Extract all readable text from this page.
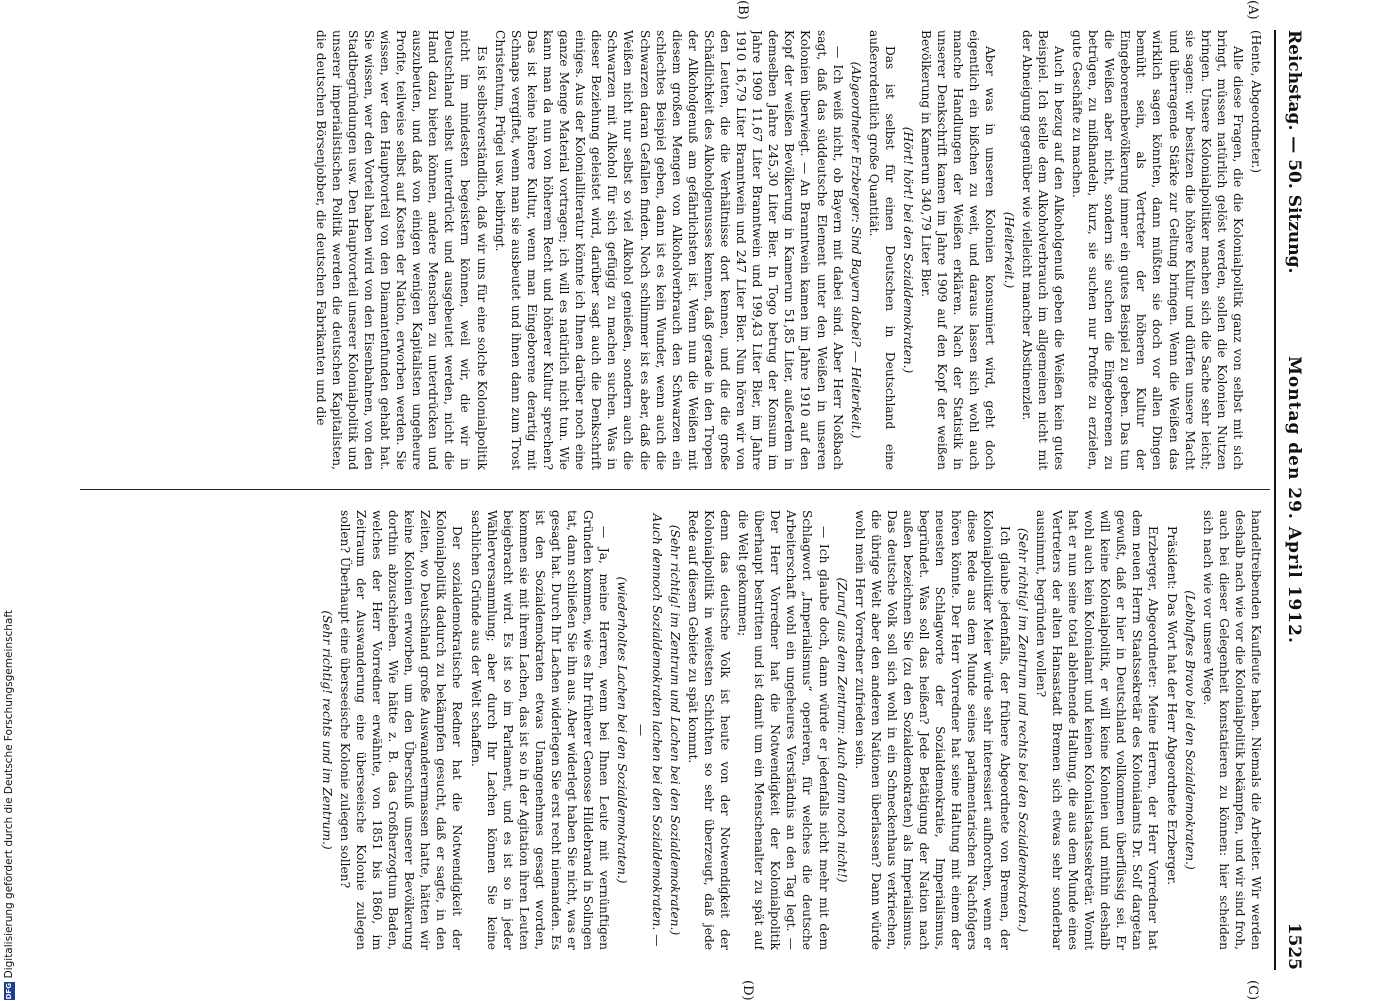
DFG
Digitalisierung gefördert durch die Deutsche Forschungsgemeinschaft
Reichstag. — 50. Sitzung.
Montag den 29. April 1912.
1525
(A)
(B)
(C)
(D)

(Hente, Abgeordneter.)

Alle diese Fragen, die die Kolonialpolitik ganz von selbst mit sich bringt, müssen natürlich gelöst werden, sollen die Kolonien Nutzen bringen. Unsere Kolonialpolitiker machen sich die Sache sehr leicht; sie sagen: wir besitzen die höhere Kultur und dürfen unsere Macht und überragende Stärke zur Geltung bringen. Wenn die Weißen das wirklich sagen könnten, dann müßten sie doch vor allen Dingen bemüht sein, als Vertreter der höheren Kultur der Eingeborenenbevölkerung immer ein gutes Beispiel zu geben. Das tun die Weißen aber nicht, sondern sie suchen die Eingeborenen zu betrügen, zu mißhandeln, kurz, sie suchen nur Profite zu erzielen, gute Geschäfte zu machen.

Auch in bezug auf den Alkoholgenuß geben die Weißen kein gutes Beispiel. Ich stelle dem Alkoholverbrauch im allgemeinen nicht mit der Abneigung gegenüber wie vielleicht mancher Abstinenzler.

(Heiterkeit.)

Aber was in unseren Kolonien konsumiert wird, geht doch eigentlich ein bißchen zu weit, und daraus lassen sich wohl auch manche Handlungen der Weißen erklären. Nach der Statistik in unserer Denkschrift kamen im Jahre 1909 auf den Kopf der weißen Bevölkerung in Kamerun 340,79 Liter Bier.

(Hört! hört! bei den Sozialdemokraten.)

Das ist selbst für einen Deutschen in Deutschland eine außerordentlich große Quantität.

(Abgeordneter Erzberger: Sind Bayern dabei? — Heiterkeit.)

— Ich weiß nicht, ob Bayern mit dabei sind. Aber Herr Noßbach sagt, daß das süddeutsche Element unter den Weißen in unseren Kolonien überwiegt. — An Branntwein kamen im Jahre 1910 auf den Kopf der weißen Bevölkerung in Kamerun 51,85 Liter, außerdem in demselben Jahre 245,30 Liter Bier. In Togo betrug der Konsum im Jahre 1909 11,67 Liter Branntwein und 199,43 Liter Bier, im Jahre 1910 16,79 Liter Branntwein und 247 Liter Bier. Nun hören wir von den Leuten, die die Verhältnisse dort kennen, und die die große Schädlichkeit des Alkoholgenusses kennen, daß gerade in den Tropen der Alkoholgenuß am gefährlichsten ist. Wenn nun die Weißen mit diesem großen Mengen von Alkoholverbrauch den Schwarzen ein schlechtes Beispiel geben, dann ist es kein Wunder, wenn auch die Schwarzen daran Gefallen finden. Noch schlimmer ist es aber, daß die Weißen nicht nur selbst so viel Alkohol genießen, sondern auch die Schwarzen mit Alkohol für sich gefügig zu machen suchen. Was in dieser Beziehung geleistet wird, darüber sagt auch die Denkschrift einiges. Aus der Kolonialliteratur könnte ich Ihnen darüber noch eine ganze Menge Material vortragen; ich will es natürlich nicht tun. Wie kann man da nun von höherem Recht und höherer Kultur sprechen? Das ist keine höhere Kultur, wenn man Eingeborene derartig mit Schnaps vergiftet, wenn man sie ausbeutet und ihnen dann zum Trost Christentum, Prügel usw. beibringt.

Es ist selbstverständlich, daß wir uns für eine solche Kolonialpolitik nicht im mindesten begeistern können, weil wir, die wir in Deutschland selbst unterdrückt und ausgebeutet werden, nicht die Hand dazu bieten können, andere Menschen zu unterdrücken und auszubeuten, und daß von einigen wenigen Kapitalisten ungeheure Profite, teilweise selbst auf Kosten der Nation, erworben werden. Sie wissen, wer den Hauptvorteil von den Diamantenfunden gehabt hat. Sie wissen, wer den Vorteil haben wird von den Eisenbahnen, von den Stadtbegründungen usw. Den Hauptvorteil unserer Kolonialpolitik und unserer imperialistischen Politik werden die deutschen Kapitalisten, die deutschen Börsenjobber, die deutschen Fabrikanten und die

handeltreibenden Kaufleute haben. Niemals die Arbeiter. Wir werden deshalb nach wie vor die Kolonialpolitik bekämpfen, und wir sind froh, auch bei dieser Gelegenheit konstatieren zu können: hier scheiden sich nach wie vor unsere Wege.

(Lebhaftes Bravo bei den Sozialdemokraten.)

Präsident: Das Wort hat der Herr Abgeordnete Erzberger.

Erzberger, Abgeordneter: Meine Herren, der Herr Vorredner hat dem neuen Herrn Staatssekretär des Kolonialamts Dr. Solf dargetan gewußt, daß er hier in Deutschland vollkommen überflüssig sei. Er will keine Kolonialpolitik, er will keine Kolonien und mithin deshalb wohl auch kein Kolonialamt und keinen Kolonialstaatssekretär. Womit hat er nun seine total ablehnende Haltung, die aus dem Munde eines Vertreters der alten Hansastadt Bremen sich etwas sehr sonderbar ausnimmt, begründen wollen?

(Sehr richtig! im Zentrum und rechts bei den Sozialdemokraten.)

Ich glaube jedenfalls, der frühere Abgeordnete von Bremen, der Kolonialpolitiker Meier würde sehr interessiert aufhorchen, wenn er diese Rede aus dem Munde seines parlamentarischen Nachfolgers hören könnte. Der Herr Vorredner hat seine Haltung mit einem der neuesten Schlagworte der Sozialdemokratie, Imperialismus, begründet. Was soll das heißen? Jede Betätigung der Nation nach außen bezeichnen Sie (zu den Sozialdemokraten) als Imperialismus. Das deutsche Volk soll sich wohl in ein Schneckenhaus verkriechen, die übrige Welt aber den anderen Nationen überlassen? Dann würde wohl mein Herr Vorredner zufrieden sein.

(Zuruf aus dem Zentrum: Auch dann noch nicht!)

— Ich glaube doch, dann würde er jedenfalls nicht mehr mit dem Schlagwort „Imperialismus“ operieren, für welches die deutsche Arbeiterschaft wohl ein ungeheures Verständnis an den Tag legt. — Der Herr Vorredner hat die Notwendigkeit der Kolonialpolitik überhaupt bestritten und ist damit um ein Menschenalter zu spät auf die Welt gekommen;

denn das deutsche Volk ist heute von der Notwendigkeit der Kolonialpolitik in weitesten Schichten so sehr überzeugt, daß jede Rede auf diesem Gebiete zu spät kommt.

(Sehr richtig! im Zentrum und Lachen bei den Sozialdemokraten.)

Auch dennoch Sozialdemokraten lachen bei den Sozialdemokraten. — —

(wiederholtes Lachen bei den Sozialdemokraten.)

— Ja, meine Herren, wenn bei Ihnen Leute mit vernünftigen Gründen kommen, wie es Ihr früherer Genosse Hildebrand in Solingen tat, dann schließen Sie ihn aus. Aber widerlegt haben Sie nicht, was er gesagt hat. Durch Ihr Lachen widerlegen Sie erst recht niemanden. Es ist den Sozialdemokraten etwas Unangenehmes gesagt worden, kommen sie mit ihrem Lachen, das ist so in der Agitation ihren Leuten beigebracht wird. Es ist so im Parlament, und es ist so in jeder Wählerversammlung; aber durch Ihr Lachen können Sie keine sachlichen Gründe aus der Welt schaffen.

Der sozialdemokratische Redner hat die Notwendigkeit der Kolonialpolitik dadurch zu bekämpfen gesucht, daß er sagte, in den Zeiten, wo Deutschland große Auswanderermassen hatte, hätten wir keine Kolonien erworben, um den Überschuß unserer Bevölkerung dorthin abzuschieben. Wie hätte z. B. das Großherzogtum Baden, welches der Herr Vorredner erwähnte, von 1851 bis 1860, im Zeitraum der Auswanderung eine überseeische Kolonie zulegen sollen? Überhaupt eine überseeische Kolonie zulegen sollen?

(Sehr richtig! rechts und im Zentrum.)
